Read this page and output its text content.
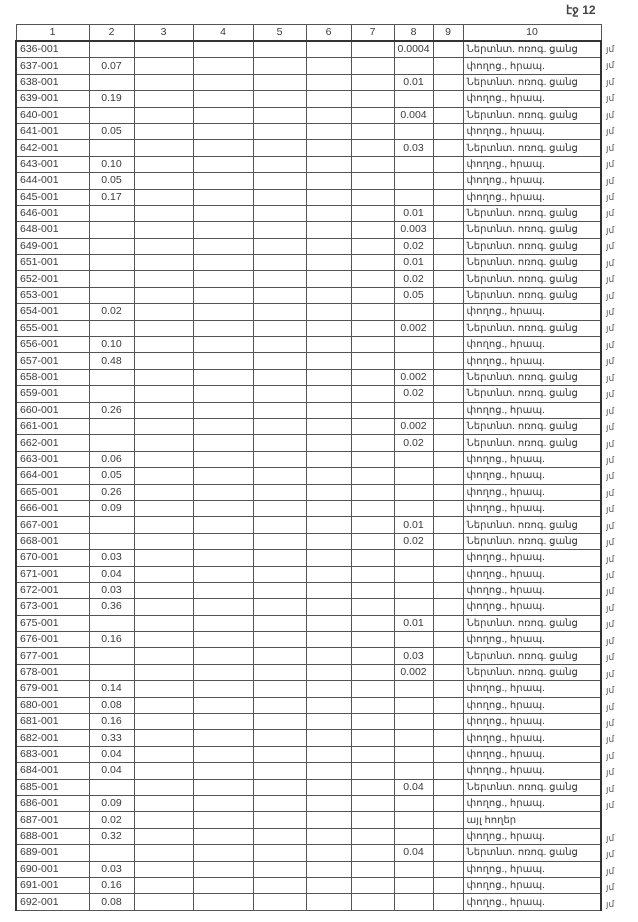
էջ 12
1	2	3	4	5	6	7	8	9	10
636-001							0.0004		Ներտնտ. ոռոգ. ցանց
637-001	0.07								փողոց., հրապ.
638-001							0.01		Ներտնտ. ոռոգ. ցանց
639-001	0.19								փողոց., հրապ.
640-001							0.004		Ներտնտ. ոռոգ. ցանց
641-001	0.05								փողոց., հրապ.
642-001							0.03		Ներտնտ. ոռոգ. ցանց
643-001	0.10								փողոց., հրապ.
644-001	0.05								փողոց., հրապ.
645-001	0.17								փողոց., հրապ.
646-001							0.01		Ներտնտ. ոռոգ. ցանց
648-001							0.003		Ներտնտ. ոռոգ. ցանց
649-001							0.02		Ներտնտ. ոռոգ. ցանց
651-001							0.01		Ներտնտ. ոռոգ. ցանց
652-001							0.02		Ներտնտ. ոռոգ. ցանց
653-001							0.05		Ներտնտ. ոռոգ. ցանց
654-001	0.02								փողոց., հրապ.
655-001							0.002		Ներտնտ. ոռոգ. ցանց
656-001	0.10								փողոց., հրապ.
657-001	0.48								փողոց., հրապ.
658-001							0.002		Ներտնտ. ոռոգ. ցանց
659-001							0.02		Ներտնտ. ոռոգ. ցանց
660-001	0.26								փողոց., հրապ.
661-001							0.002		Ներտնտ. ոռոգ. ցանց
662-001							0.02		Ներտնտ. ոռոգ. ցանց
663-001	0.06								փողոց., հրապ.
664-001	0.05								փողոց., հրապ.
665-001	0.26								փողոց., հրապ.
666-001	0.09								փողոց., հրապ.
667-001							0.01		Ներտնտ. ոռոգ. ցանց
668-001							0.02		Ներտնտ. ոռոգ. ցանց
670-001	0.03								փողոց., հրապ.
671-001	0.04								փողոց., հրապ.
672-001	0.03								փողոց., հրապ.
673-001	0.36								փողոց., հրապ.
675-001							0.01		Ներտնտ. ոռոգ. ցանց
676-001	0.16								փողոց., հրապ.
677-001							0.03		Ներտնտ. ոռոգ. ցանց
678-001							0.002		Ներտնտ. ոռոգ. ցանց
679-001	0.14								փողոց., հրապ.
680-001	0.08								փողոց., հրապ.
681-001	0.16								փողոց., հրապ.
682-001	0.33								փողոց., հրապ.
683-001	0.04								փողոց., հրապ.
684-001	0.04								փողոց., հրապ.
685-001							0.04		Ներտնտ. ոռոգ. ցանց
686-001	0.09								փողոց., հրապ.
687-001	0.02								այլ հողեր
688-001	0.32								փողոց., հրապ.
689-001							0.04		Ներտնտ. ոռոգ. ցանց
690-001	0.03								փողոց., հրապ.
691-001	0.16								փողոց., հրապ.
692-001	0.08								փողոց., հրապ.
յմ
յմ
յմ
յմ
յմ
յմ
յմ
յմ
յմ
յմ
յմ
յմ
յմ
յմ
յմ
յմ
յմ
յմ
յմ
յմ
յմ
յմ
յմ
յմ
յմ
յմ
յմ
յմ
յմ
յմ
յմ
յմ
յմ
յմ
յմ
յմ
յմ
յմ
յմ
յմ
յմ
յմ
յմ
յմ
յմ
յմ
յմ
յմ
յմ
յմ
յմ
յմ
